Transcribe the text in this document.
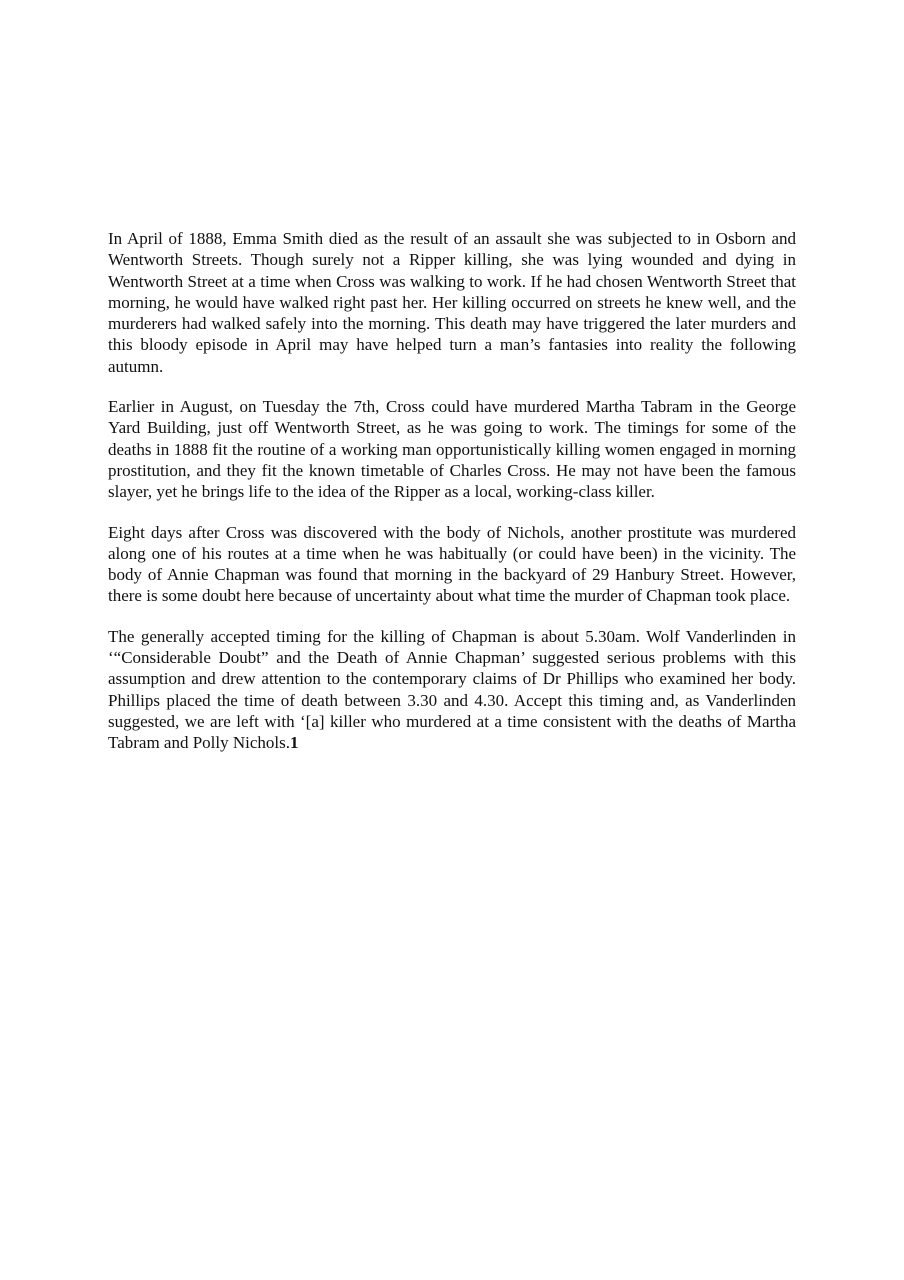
In April of 1888, Emma Smith died as the result of an assault she was subjected to in Osborn and Wentworth Streets. Though surely not a Ripper killing, she was lying wounded and dying in Wentworth Street at a time when Cross was walking to work. If he had chosen Wentworth Street that morning, he would have walked right past her. Her killing occurred on streets he knew well, and the murderers had walked safely into the morning. This death may have triggered the later murders and this bloody episode in April may have helped turn a man’s fantasies into reality the following autumn.

Earlier in August, on Tuesday the 7th, Cross could have murdered Martha Tabram in the George Yard Building, just off Wentworth Street, as he was going to work. The timings for some of the deaths in 1888 fit the routine of a working man opportunistically killing women engaged in morning prostitution, and they fit the known timetable of Charles Cross. He may not have been the famous slayer, yet he brings life to the idea of the Ripper as a local, working-class killer.

Eight days after Cross was discovered with the body of Nichols, another prostitute was murdered along one of his routes at a time when he was habitually (or could have been) in the vicinity. The body of Annie Chapman was found that morning in the backyard of 29 Hanbury Street. However, there is some doubt here because of uncertainty about what time the murder of Chapman took place.

The generally accepted timing for the killing of Chapman is about 5.30am. Wolf Vanderlinden in ‘“Considerable Doubt” and the Death of Annie Chapman’ suggested serious problems with this assumption and drew attention to the contemporary claims of Dr Phillips who examined her body. Phillips placed the time of death between 3.30 and 4.30. Accept this timing and, as Vanderlinden suggested, we are left with ‘[a] killer who murdered at a time consistent with the deaths of Martha Tabram and Polly Nichols.1
